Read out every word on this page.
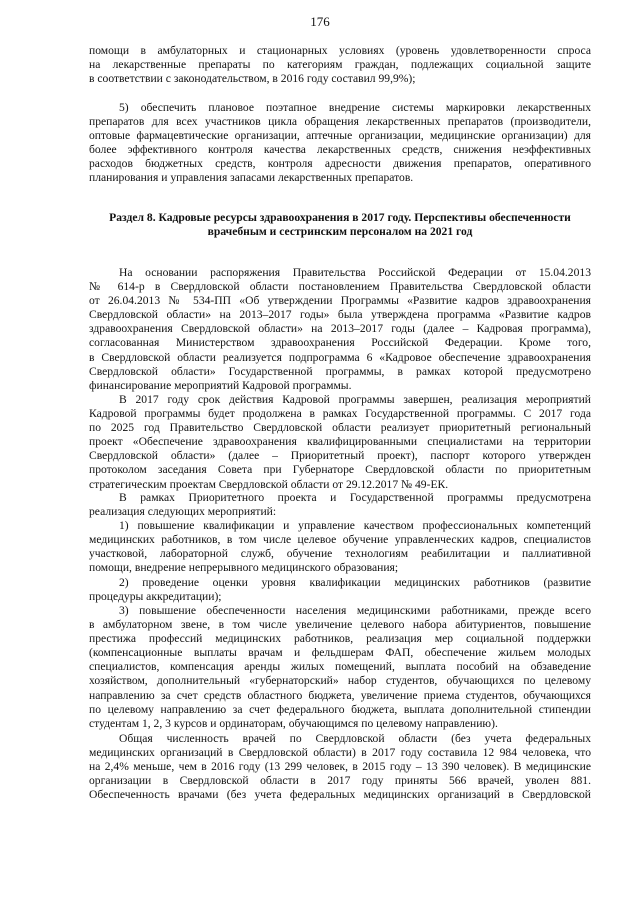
176
помощи в амбулаторных и стационарных условиях (уровень удовлетворенности спроса
на лекарственные препараты по категориям граждан, подлежащих социальной защите
в соответствии с законодательством, в 2016 году составил 99,9%);
5) обеспечить плановое поэтапное внедрение системы маркировки лекарственных
препаратов для всех участников цикла обращения лекарственных препаратов (производители,
оптовые фармацевтические организации, аптечные организации, медицинские организации) для
более эффективного контроля качества лекарственных средств, снижения неэффективных
расходов бюджетных средств, контроля адресности движения препаратов, оперативного
планирования и управления запасами лекарственных препаратов.
Раздел 8. Кадровые ресурсы здравоохранения в 2017 году. Перспективы обеспеченности
врачебным и сестринским персоналом на 2021 год
На основании распоряжения Правительства Российской Федерации от 15.04.2013
№ 614-р в Свердловской области постановлением Правительства Свердловской области
от 26.04.2013 № 534-ПП «Об утверждении Программы «Развитие кадров здравоохранения
Свердловской области» на 2013–2017 годы» была утверждена программа «Развитие кадров
здравоохранения Свердловской области» на 2013–2017 годы (далее – Кадровая программа),
согласованная Министерством здравоохранения Российской Федерации. Кроме того,
в Свердловской области реализуется подпрограмма 6 «Кадровое обеспечение здравоохранения
Свердловской области» Государственной программы, в рамках которой предусмотрено
финансирование мероприятий Кадровой программы.
В 2017 году срок действия Кадровой программы завершен, реализация мероприятий
Кадровой программы будет продолжена в рамках Государственной программы. С 2017 года
по 2025 год Правительство Свердловской области реализует приоритетный региональный
проект «Обеспечение здравоохранения квалифицированными специалистами на территории
Свердловской области» (далее – Приоритетный проект), паспорт которого утвержден
протоколом заседания Совета при Губернаторе Свердловской области по приоритетным
стратегическим проектам Свердловской области от 29.12.2017 № 49-ЕК.
В рамках Приоритетного проекта и Государственной программы предусмотрена
реализация следующих мероприятий:
1) повышение квалификации и управление качеством профессиональных компетенций
медицинских работников, в том числе целевое обучение управленческих кадров, специалистов
участковой, лабораторной служб, обучение технологиям реабилитации и паллиативной
помощи, внедрение непрерывного медицинского образования;
2) проведение оценки уровня квалификации медицинских работников (развитие
процедуры аккредитации);
3) повышение обеспеченности населения медицинскими работниками, прежде всего
в амбулаторном звене, в том числе увеличение целевого набора абитуриентов, повышение
престижа профессий медицинских работников, реализация мер социальной поддержки
(компенсационные выплаты врачам и фельдшерам ФАП, обеспечение жильем молодых
специалистов, компенсация аренды жилых помещений, выплата пособий на обзаведение
хозяйством, дополнительный «губернаторский» набор студентов, обучающихся по целевому
направлению за счет средств областного бюджета, увеличение приема студентов, обучающихся
по целевому направлению за счет федерального бюджета, выплата дополнительной стипендии
студентам 1, 2, 3 курсов и ординаторам, обучающимся по целевому направлению).
Общая численность врачей по Свердловской области (без учета федеральных
медицинских организаций в Свердловской области) в 2017 году составила 12 984 человека, что
на 2,4% меньше, чем в 2016 году (13 299 человек, в 2015 году – 13 390 человек). В медицинские
организации в Свердловской области в 2017 году приняты 566 врачей, уволен 881.
Обеспеченность врачами (без учета федеральных медицинских организаций в Свердловской
